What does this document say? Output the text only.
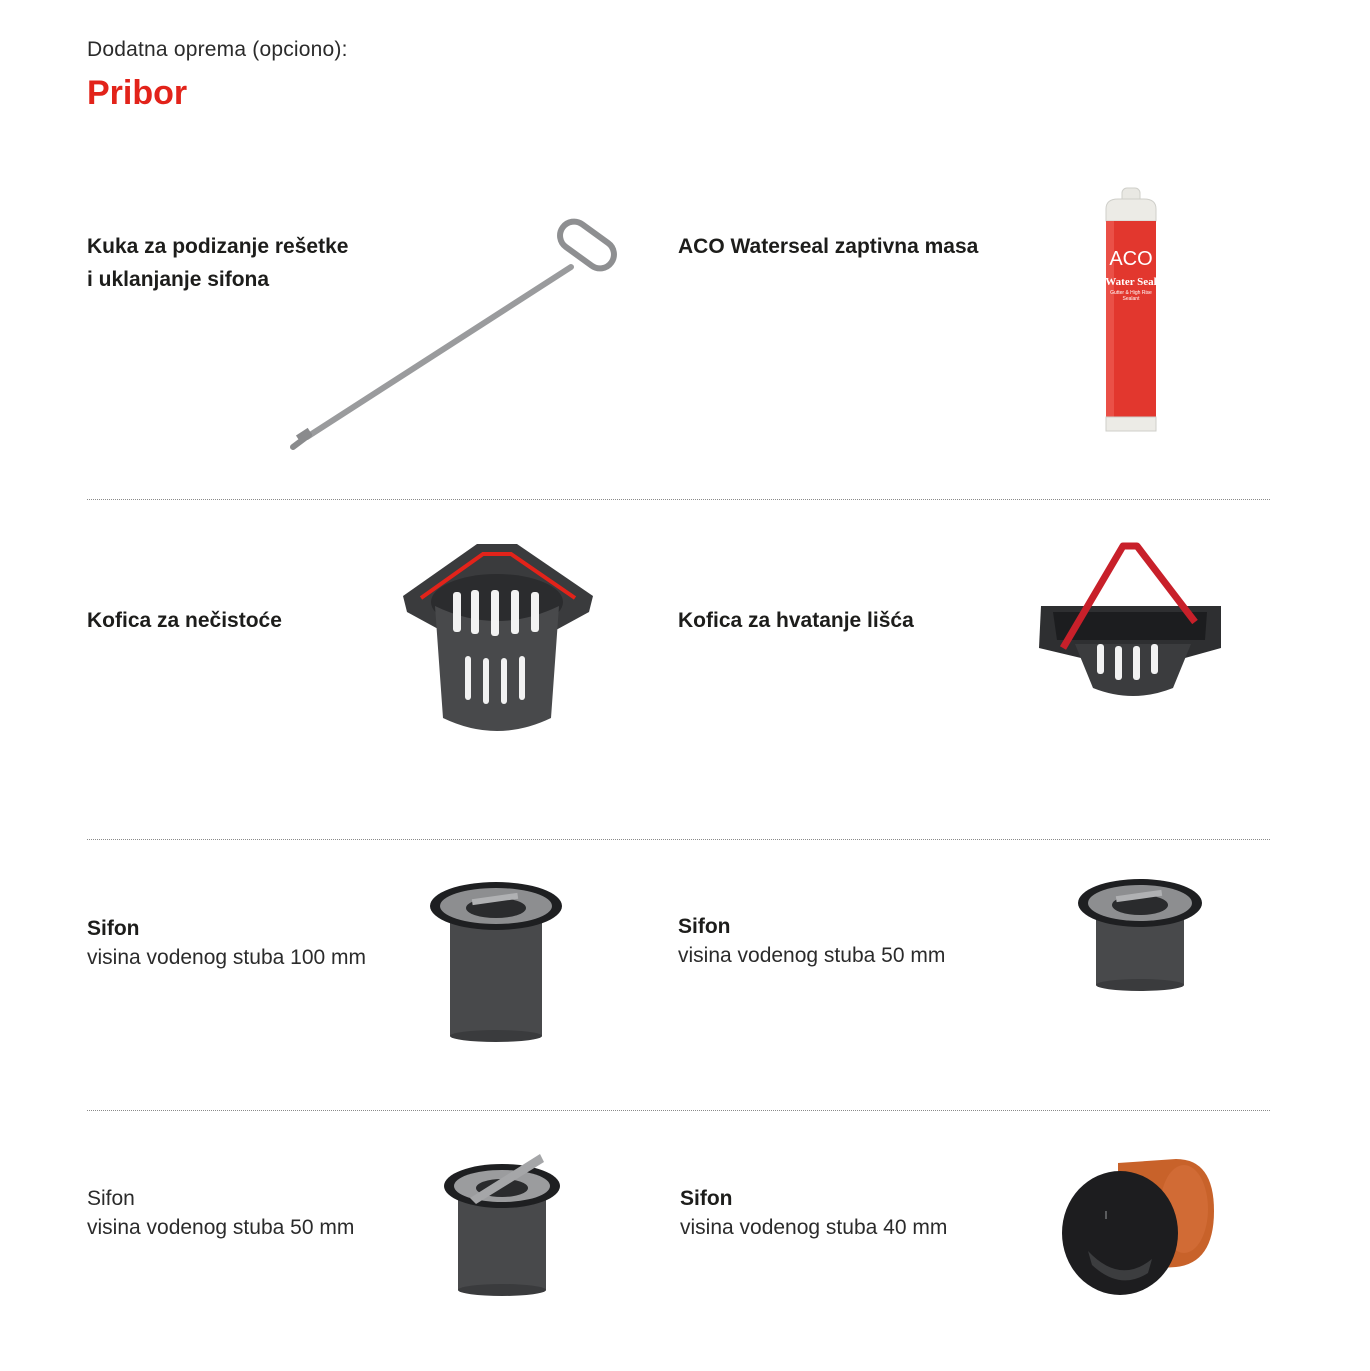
Dodatna oprema (opciono):
Pribor
Kuka za podizanje rešetke
i uklanjanje sifona
ACO Waterseal zaptivna masa
ACO
Water Seal
Gutter & High Rise
Sealant
Kofica za nečistoće	Kofica za hvatanje lišća
Sifon
visina vodenog stuba 100 mm
Sifon
visina vodenog stuba 50 mm
Sifon
visina vodenog stuba 50 mm
Sifon
visina vodenog stuba 40 mm
